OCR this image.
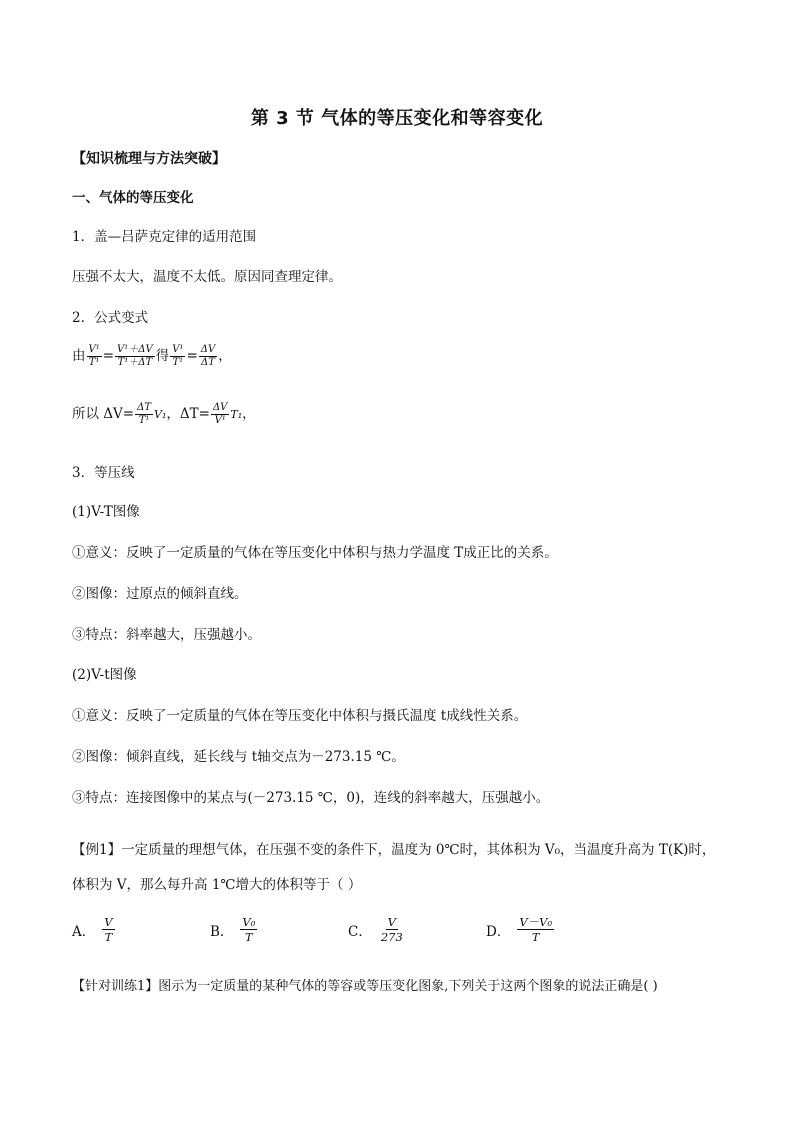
第 3 节 气体的等压变化和等容变化
【知识梳理与方法突破】
一、气体的等压变化
1．盖—吕萨克定律的适用范围
压强不太大，温度不太低。原因同查理定律。
2．公式变式
由 $\frac{\text{V¹}}{\text{T¹}} = \frac{\text{V¹＋ΔV}}{\text{T¹＋ΔT}}$ 得 $\frac{\text{V¹}}{\text{T¹}} = \frac{\Delta V}{\Delta T}$ ，
所以 $\Delta V= \frac{\Delta T}{\text{T¹}} V_1$，$\Delta T= \frac{\Delta V}{\text{V¹}} T_1$，
3．等压线
(1)V-T图像
①意义：反映了一定质量的气体在等压变化中体积与热力学温度 T成正比的关系。
②图像：过原点的倾斜直线。
③特点：斜率越大，压强越小。
(2)V-t图像
①意义：反映了一定质量的气体在等压变化中体积与摄氏温度 t成线性关系。
②图像：倾斜直线，延长线与 t轴交点为－273.15 ℃。
③特点：连接图像中的某点与(－273.15 ℃，0)，连线的斜率越大，压强越小。
【例1】一定质量的理想气体，在压强不变的条件下，温度为 0℃时，其体积为 V₀，当温度升高为 T(K)时，
体积为 V，那么每升高 1℃增大的体积等于（ ）
A． $\frac{V}{T}$	B． $\frac{\text{V₀}}{T}$	C． $\frac{V}{273}$	D． $\frac{\text{V－V₀}}{T}$
【针对训练1】图示为一定质量的某种气体的等容或等压变化图象,下列关于这两个图象的说法正确是( )
